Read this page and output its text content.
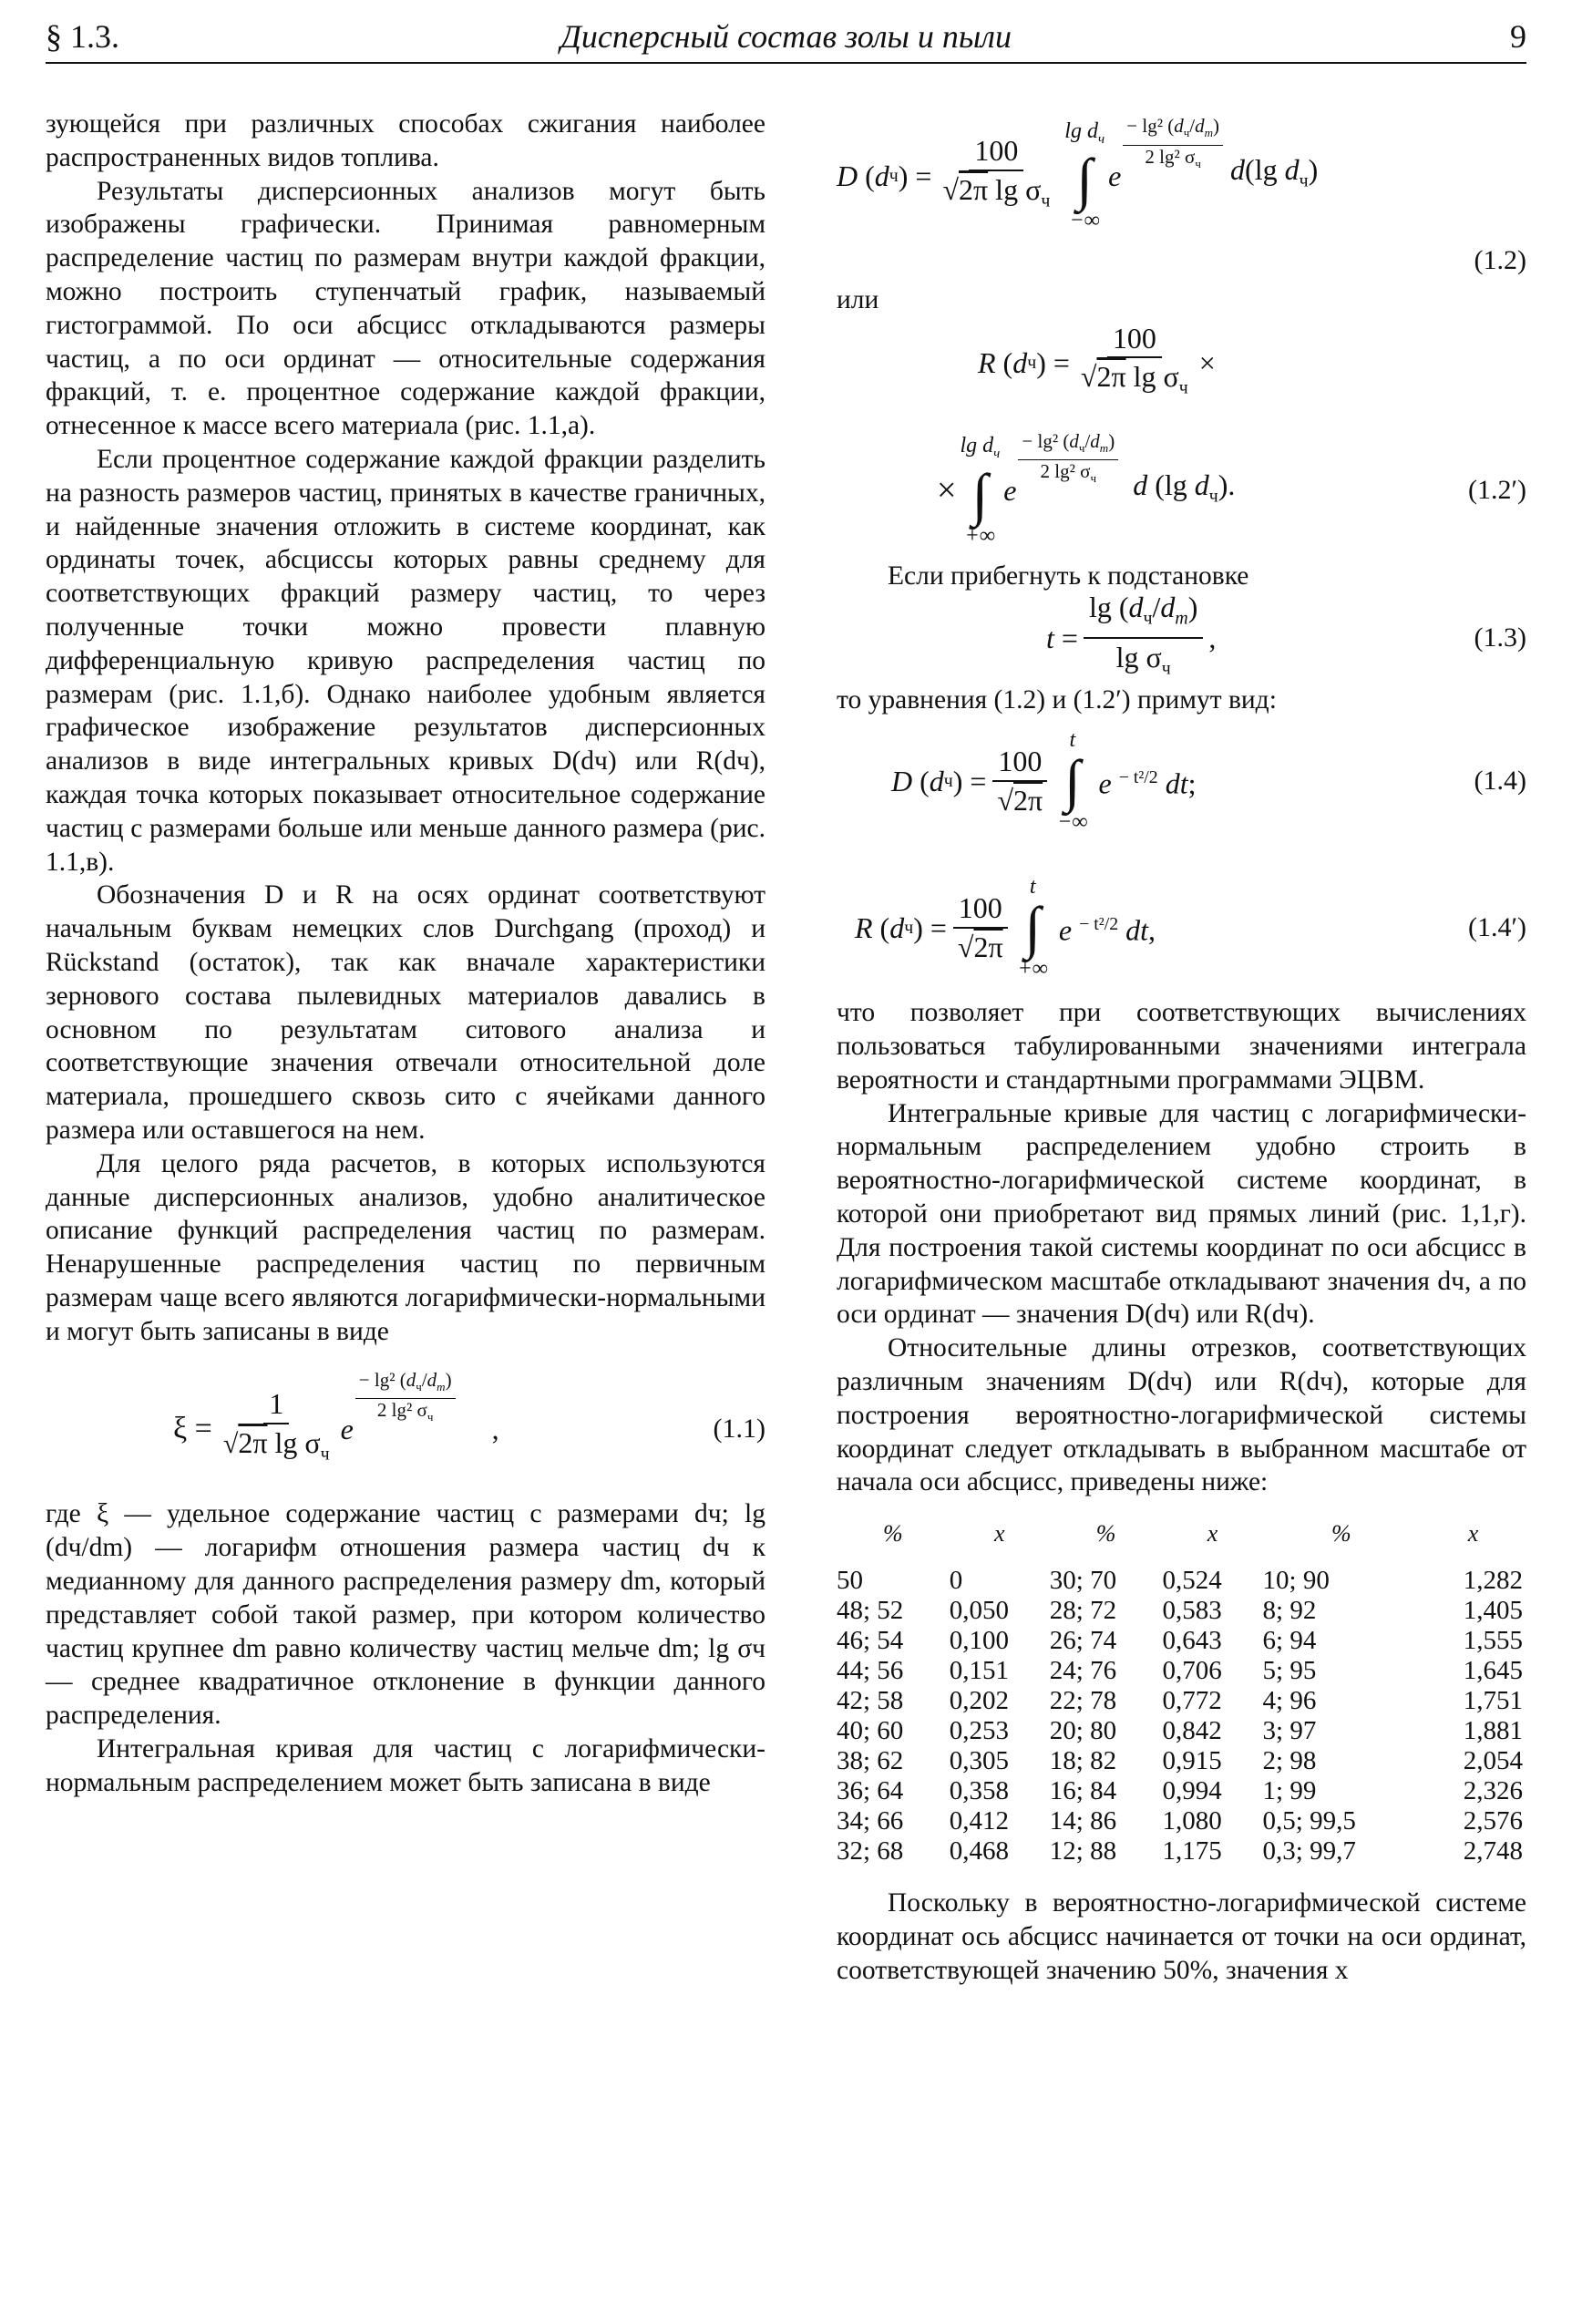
§ 1.3.	Дисперсный состав золы и пыли	9

зующейся при различных способах сжигания наиболее распространенных видов топлива.

Результаты дисперсионных анализов могут быть изображены графически. Принимая равномерным распределение частиц по размерам внутри каждой фракции, можно построить ступенчатый график, называемый гистограммой. По оси абсцисс откладываются размеры частиц, а по оси ординат — относительные содержания фракций, т. е. процентное содержание каждой фракции, отнесенное к массе всего материала (рис. 1.1,а).

Если процентное содержание каждой фракции разделить на разность размеров частиц, принятых в качестве граничных, и найденные значения отложить в системе координат, как ординаты точек, абсциссы которых равны среднему для соответствующих фракций размеру частиц, то через полученные точки можно провести плавную дифференциальную кривую распределения частиц по размерам (рис. 1.1,б). Однако наиболее удобным является графическое изображение результатов дисперсионных анализов в виде интегральных кривых D(dч) или R(dч), каждая точка которых показывает относительное содержание частиц с размерами больше или меньше данного размера (рис. 1.1,в).

Обозначения D и R на осях ординат соответствуют начальным буквам немецких слов Durchgang (проход) и Rückstand (остаток), так как вначале характеристики зернового состава пылевидных материалов давались в основном по результатам ситового анализа и соответствующие значения отвечали относительной доле материала, прошедшего сквозь сито с ячейками данного размера или оставшегося на нем.

Для целого ряда расчетов, в которых используются данные дисперсионных анализов, удобно аналитическое описание функций распределения частиц по размерам. Ненарушенные распределения частиц по первичным размерам чаще всего являются логарифмически-нормальными и могут быть записаны в виде

$\xi = \frac{1}{√2\pi \lg \sigma_ч}$ e
− lg² $(d_ч/d_m)$
2 lg² $\sigma_ч$ ,	(1.1)

где ξ — удельное содержание частиц с размерами dч; lg (dч/dm) — логарифм отношения размера частиц dч к медианному для данного распределения размеру dm, который представляет собой такой размер, при котором количество частиц крупнее dm равно количеству частиц мельче dm; lg σч — среднее квадратичное отклонение в функции данного распределения.

Интегральная кривая для частиц с логарифмически-нормальным распределением может быть записана в виде

D ( d ч ) = $\frac{100}{√2\pi \lg \sigma_ч}$
$\lg d_ч$
∫
−∞
e
− lg² $(d_ч/d_m)$
2 lg² $\sigma_ч$ d(lg $d_ч$)
(1.2)
или
R ( d ч ) = $\frac{100}{√2\pi \lg \sigma_ч}$ ×
×
$\lg d_ч$
∫
+∞
e
− lg² $(d_ч/d_m)$
2 lg² $\sigma_ч$	d (lg $d_ч$).	(1.2′)

Если прибегнуть к подстановке

$t = \frac{\lg (d_ч/d_m)}{\lg \sigma_ч}$ ,	(1.3)

то уравнения (1.2) и (1.2′) примут вид:

D ( d ч ) = $\frac{100}{√2\pi}$
t
∫
−∞
e $^{- t^2/2}$ dt;	(1.4)
R ( d ч ) = $\frac{100}{√2\pi}$
t
∫
+∞
e $^{- t^2/2}$ dt,	(1.4′)

что позволяет при соответствующих вычислениях пользоваться табулированными значениями интеграла вероятности и стандартными программами ЭЦВМ.

Интегральные кривые для частиц с логарифмически-нормальным распределением удобно строить в вероятностно-логарифмической системе координат, в которой они приобретают вид прямых линий (рис. 1,1,г). Для построения такой системы координат по оси абсцисс в логарифмическом масштабе откладывают значения dч, а по оси ординат — значения D(dч) или R(dч).

Относительные длины отрезков, соответствующих различным значениям D(dч) или R(dч), которые для построения вероятностно-логарифмической системы координат следует откладывать в выбранном масштабе от начала оси абсцисс, приведены ниже:

%	x	%	x	%	x
50	0	30; 70	0,524	10; 90	1,282
48; 52	0,050	28; 72	0,583	8; 92	1,405
46; 54	0,100	26; 74	0,643	6; 94	1,555
44; 56	0,151	24; 76	0,706	5; 95	1,645
42; 58	0,202	22; 78	0,772	4; 96	1,751
40; 60	0,253	20; 80	0,842	3; 97	1,881
38; 62	0,305	18; 82	0,915	2; 98	2,054
36; 64	0,358	16; 84	0,994	1; 99	2,326
34; 66	0,412	14; 86	1,080	0,5; 99,5	2,576
32; 68	0,468	12; 88	1,175	0,3; 99,7	2,748

Поскольку в вероятностно-логарифмической системе координат ось абсцисс начинается от точки на оси ординат, соответствующей значению 50%, значения x
